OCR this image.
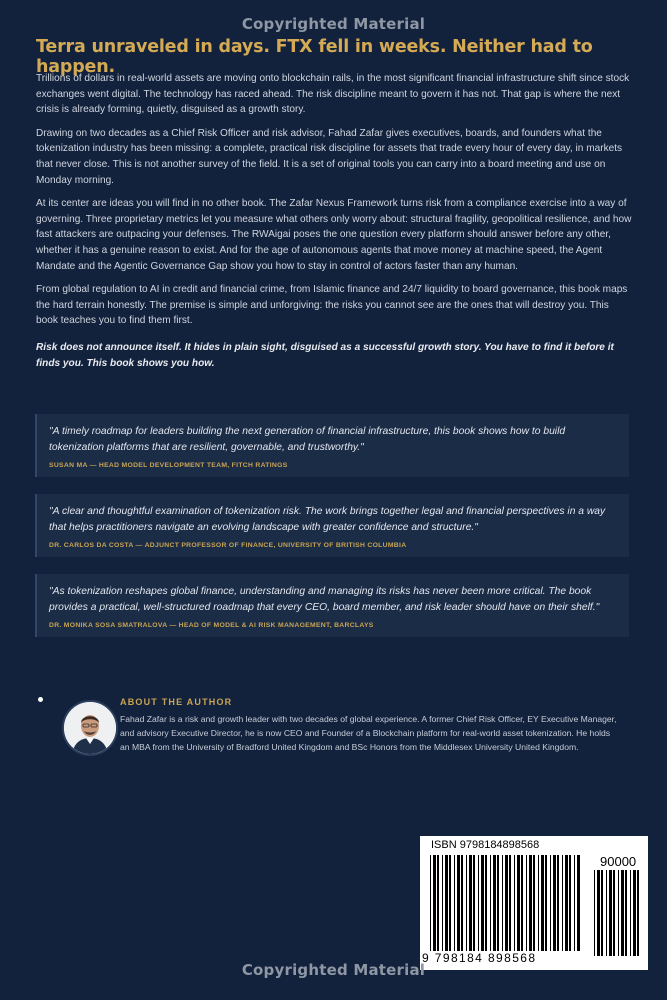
Copyrighted Material
Terra unraveled in days. FTX fell in weeks. Neither had to happen.

Trillions of dollars in real-world assets are moving onto blockchain rails, in the most significant financial infrastructure shift since stock exchanges went digital. The technology has raced ahead. The risk discipline meant to govern it has not. That gap is where the next crisis is already forming, quietly, disguised as a growth story.

Drawing on two decades as a Chief Risk Officer and risk advisor, Fahad Zafar gives executives, boards, and founders what the tokenization industry has been missing: a complete, practical risk discipline for assets that trade every hour of every day, in markets that never close. This is not another survey of the field. It is a set of original tools you can carry into a board meeting and use on Monday morning.

At its center are ideas you will find in no other book. The Zafar Nexus Framework turns risk from a compliance exercise into a way of governing. Three proprietary metrics let you measure what others only worry about: structural fragility, geopolitical resilience, and how fast attackers are outpacing your defenses. The RWAigai poses the one question every platform should answer before any other, whether it has a genuine reason to exist. And for the age of autonomous agents that move money at machine speed, the Agent Mandate and the Agentic Governance Gap show you how to stay in control of actors faster than any human.

From global regulation to AI in credit and financial crime, from Islamic finance and 24/7 liquidity to board governance, this book maps the hard terrain honestly. The premise is simple and unforgiving: the risks you cannot see are the ones that will destroy you. This book teaches you to find them first.

Risk does not announce itself. It hides in plain sight, disguised as a successful growth story. You have to find it before it finds you. This book shows you how.

"A timely roadmap for leaders building the next generation of financial infrastructure, this book shows how to build tokenization platforms that are resilient, governable, and trustworthy."
SUSAN MA — HEAD MODEL DEVELOPMENT TEAM, FITCH RATINGS
"A clear and thoughtful examination of tokenization risk. The work brings together legal and financial perspectives in a way that helps practitioners navigate an evolving landscape with greater confidence and structure."
DR. CARLOS DA COSTA — ADJUNCT PROFESSOR OF FINANCE, UNIVERSITY OF BRITISH COLUMBIA
"As tokenization reshapes global finance, understanding and managing its risks has never been more critical. The book provides a practical, well-structured roadmap that every CEO, board member, and risk leader should have on their shelf."
DR. MONIKA SOSA SMATRALOVA — HEAD OF MODEL & AI RISK MANAGEMENT, BARCLAYS
ABOUT THE AUTHOR
Fahad Zafar is a risk and growth leader with two decades of global experience. A former Chief Risk Officer, EY Executive Manager, and advisory Executive Director, he is now CEO and Founder of a Blockchain platform for real-world asset tokenization. He holds an MBA from the University of Bradford United Kingdom and BSc Honors from the Middlesex University United Kingdom.
ISBN 9798184898568
90000
9 798184 898568
Copyrighted Material
